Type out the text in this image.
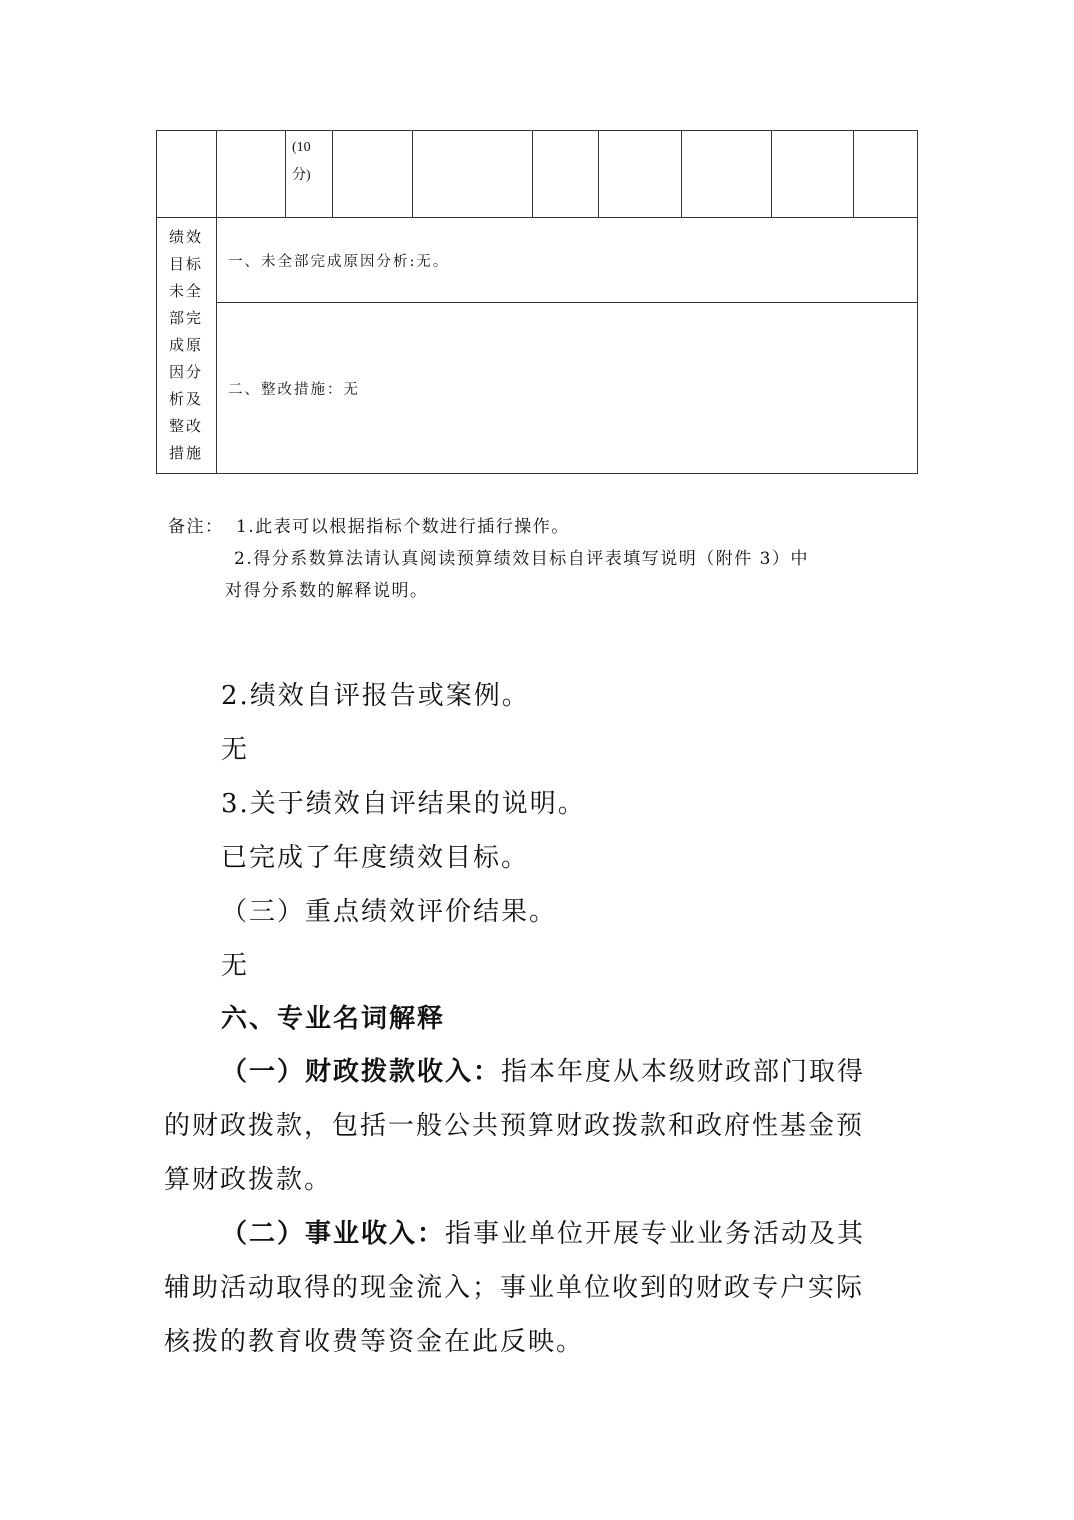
(10
分)
绩效
目标
未全
部完
成原
因分
析及
整改
措施
一、未全部完成原因分析:无。
二、整改措施：无
备注： 1.此表可以根据指标个数进行插行操作。
2.得分系数算法请认真阅读预算绩效目标自评表填写说明（附件 3）中
对得分系数的解释说明。
2.绩效自评报告或案例。
无
3.关于绩效自评结果的说明。
已完成了年度绩效目标。
（三）重点绩效评价结果。
无
六、专业名词解释
（一）财政拨款收入：指本年度从本级财政部门取得
的财政拨款，包括一般公共预算财政拨款和政府性基金预
算财政拨款。
（二）事业收入：指事业单位开展专业业务活动及其
辅助活动取得的现金流入；事业单位收到的财政专户实际
核拨的教育收费等资金在此反映。
